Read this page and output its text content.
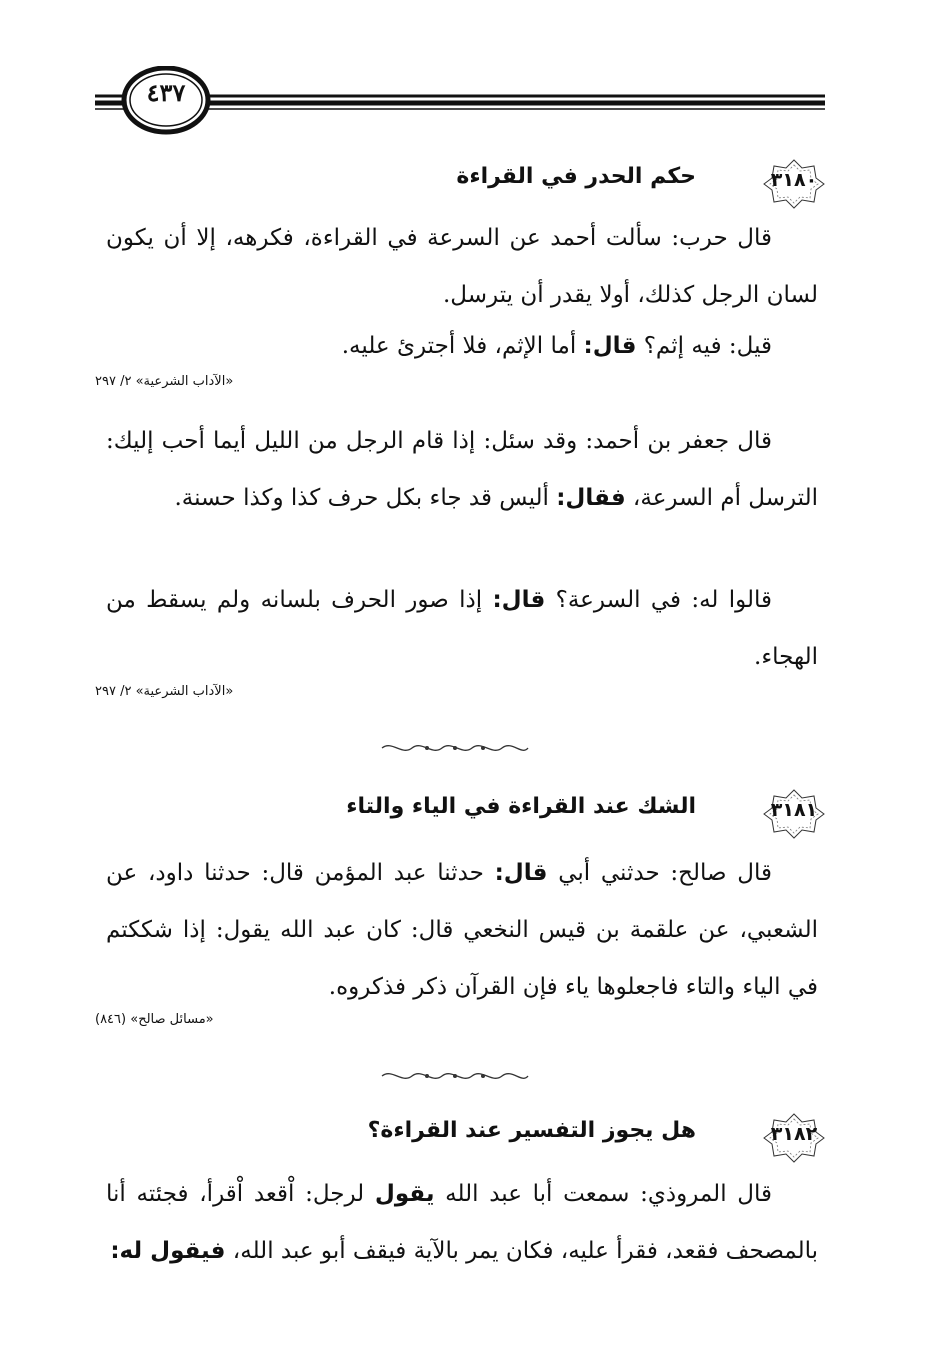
٤٣٧
٣١٨٠
حكم الحدر في القراءة
قال حرب: سألت أحمد عن السرعة في القراءة، فكرهه، إلا أن يكون لسان الرجل كذلك، أولا يقدر أن يترسل.
قيل: فيه إثم؟ قال: أما الإثم، فلا أجترئ عليه.
«الآداب الشرعية» ٢/ ٢٩٧
قال جعفر بن أحمد: وقد سئل: إذا قام الرجل من الليل أيما أحب إليك: الترسل أم السرعة، فقال: أليس قد جاء بكل حرف كذا وكذا حسنة.
قالوا له: في السرعة؟ قال: إذا صور الحرف بلسانه ولم يسقط من الهجاء.
«الآداب الشرعية» ٢/ ٢٩٧
٣١٨١
الشك عند القراءة في الياء والتاء
قال صالح: حدثني أبي قال: حدثنا عبد المؤمن قال: حدثنا داود، عن الشعبي، عن علقمة بن قيس النخعي قال: كان عبد الله يقول: إذا شككتم في الياء والتاء فاجعلوها ياء فإن القرآن ذكر فذكروه.
«مسائل صالح» (٨٤٦)
٣١٨٢
هل يجوز التفسير عند القراءة؟
قال المروذي: سمعت أبا عبد الله يقول لرجل: اْقعد اْقرأ، فجئته أنا بالمصحف فقعد، فقرأ عليه، فكان يمر بالآية فيقف أبو عبد الله، فيقول له:
